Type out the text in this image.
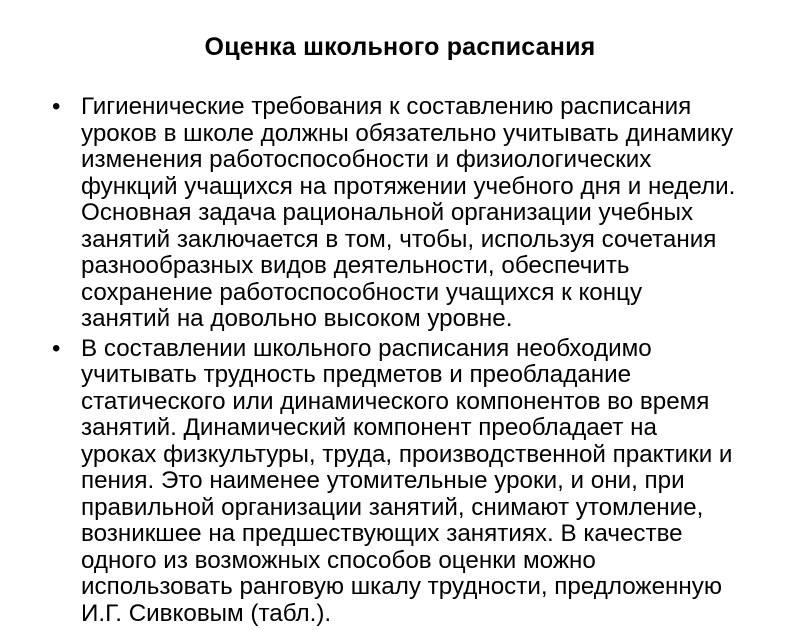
Оценка школьного расписания
• Гигиенические требования к составлению расписания
уроков в школе должны обязательно учитывать динамику
изменения работоспособности и физиологических
функций учащихся на протяжении учебного дня и недели.
Основная задача рациональной организации учебных
занятий заключается в том, чтобы, используя сочетания
разнообразных видов деятельности, обеспечить
сохранение работоспособности учащихся к концу
занятий на довольно высоком уровне.
• В составлении школьного расписания необходимо
учитывать трудность предметов и преобладание
статического или динамического компонентов во время
занятий. Динамический компонент преобладает на
уроках физкультуры, труда, производственной практики и
пения. Это наименее утомительные уроки, и они, при
правильной организации занятий, снимают утомление,
возникшее на предшествующих занятиях. В качестве
одного из возможных способов оценки можно
использовать ранговую шкалу трудности, предложенную
И.Г. Сивковым (табл.).
